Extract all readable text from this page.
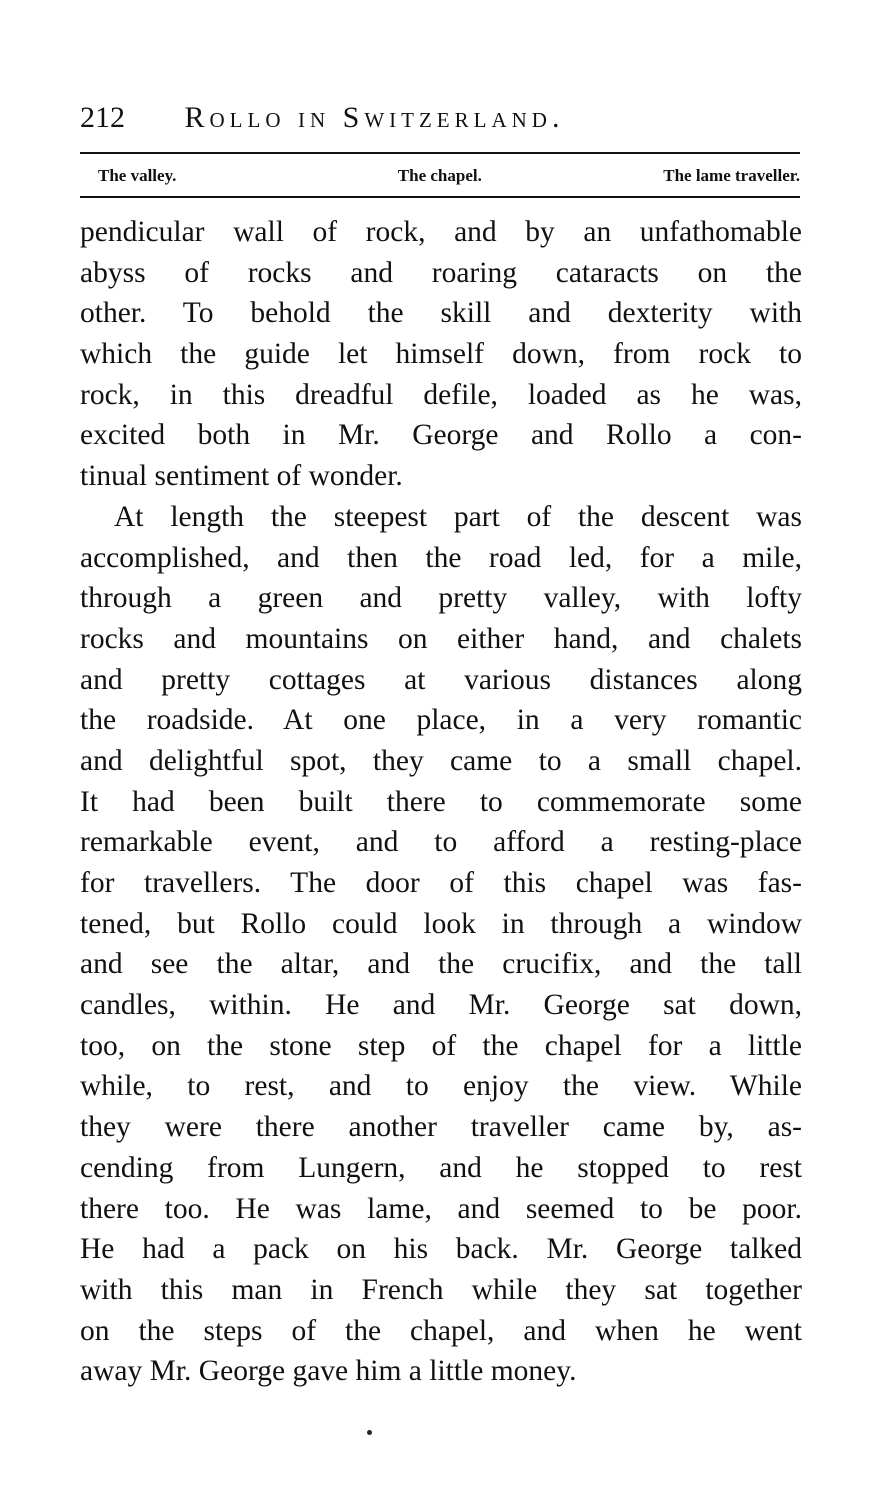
212 Rollo in Switzerland.
The valley.	The chapel.	The lame traveller.
pendicular wall of rock, and by an unfathomable
abyss of rocks and roaring cataracts on the
other. To behold the skill and dexterity with
which the guide let himself down, from rock to
rock, in this dreadful defile, loaded as he was,
excited both in Mr. George and Rollo a con-
tinual sentiment of wonder.
At length the steepest part of the descent was
accomplished, and then the road led, for a mile,
through a green and pretty valley, with lofty
rocks and mountains on either hand, and chalets
and pretty cottages at various distances along
the roadside. At one place, in a very romantic
and delightful spot, they came to a small chapel.
It had been built there to commemorate some
remarkable event, and to afford a resting-place
for travellers. The door of this chapel was fas-
tened, but Rollo could look in through a window
and see the altar, and the crucifix, and the tall
candles, within. He and Mr. George sat down,
too, on the stone step of the chapel for a little
while, to rest, and to enjoy the view. While
they were there another traveller came by, as-
cending from Lungern, and he stopped to rest
there too. He was lame, and seemed to be poor.
He had a pack on his back. Mr. George talked
with this man in French while they sat together
on the steps of the chapel, and when he went
away Mr. George gave him a little money.
